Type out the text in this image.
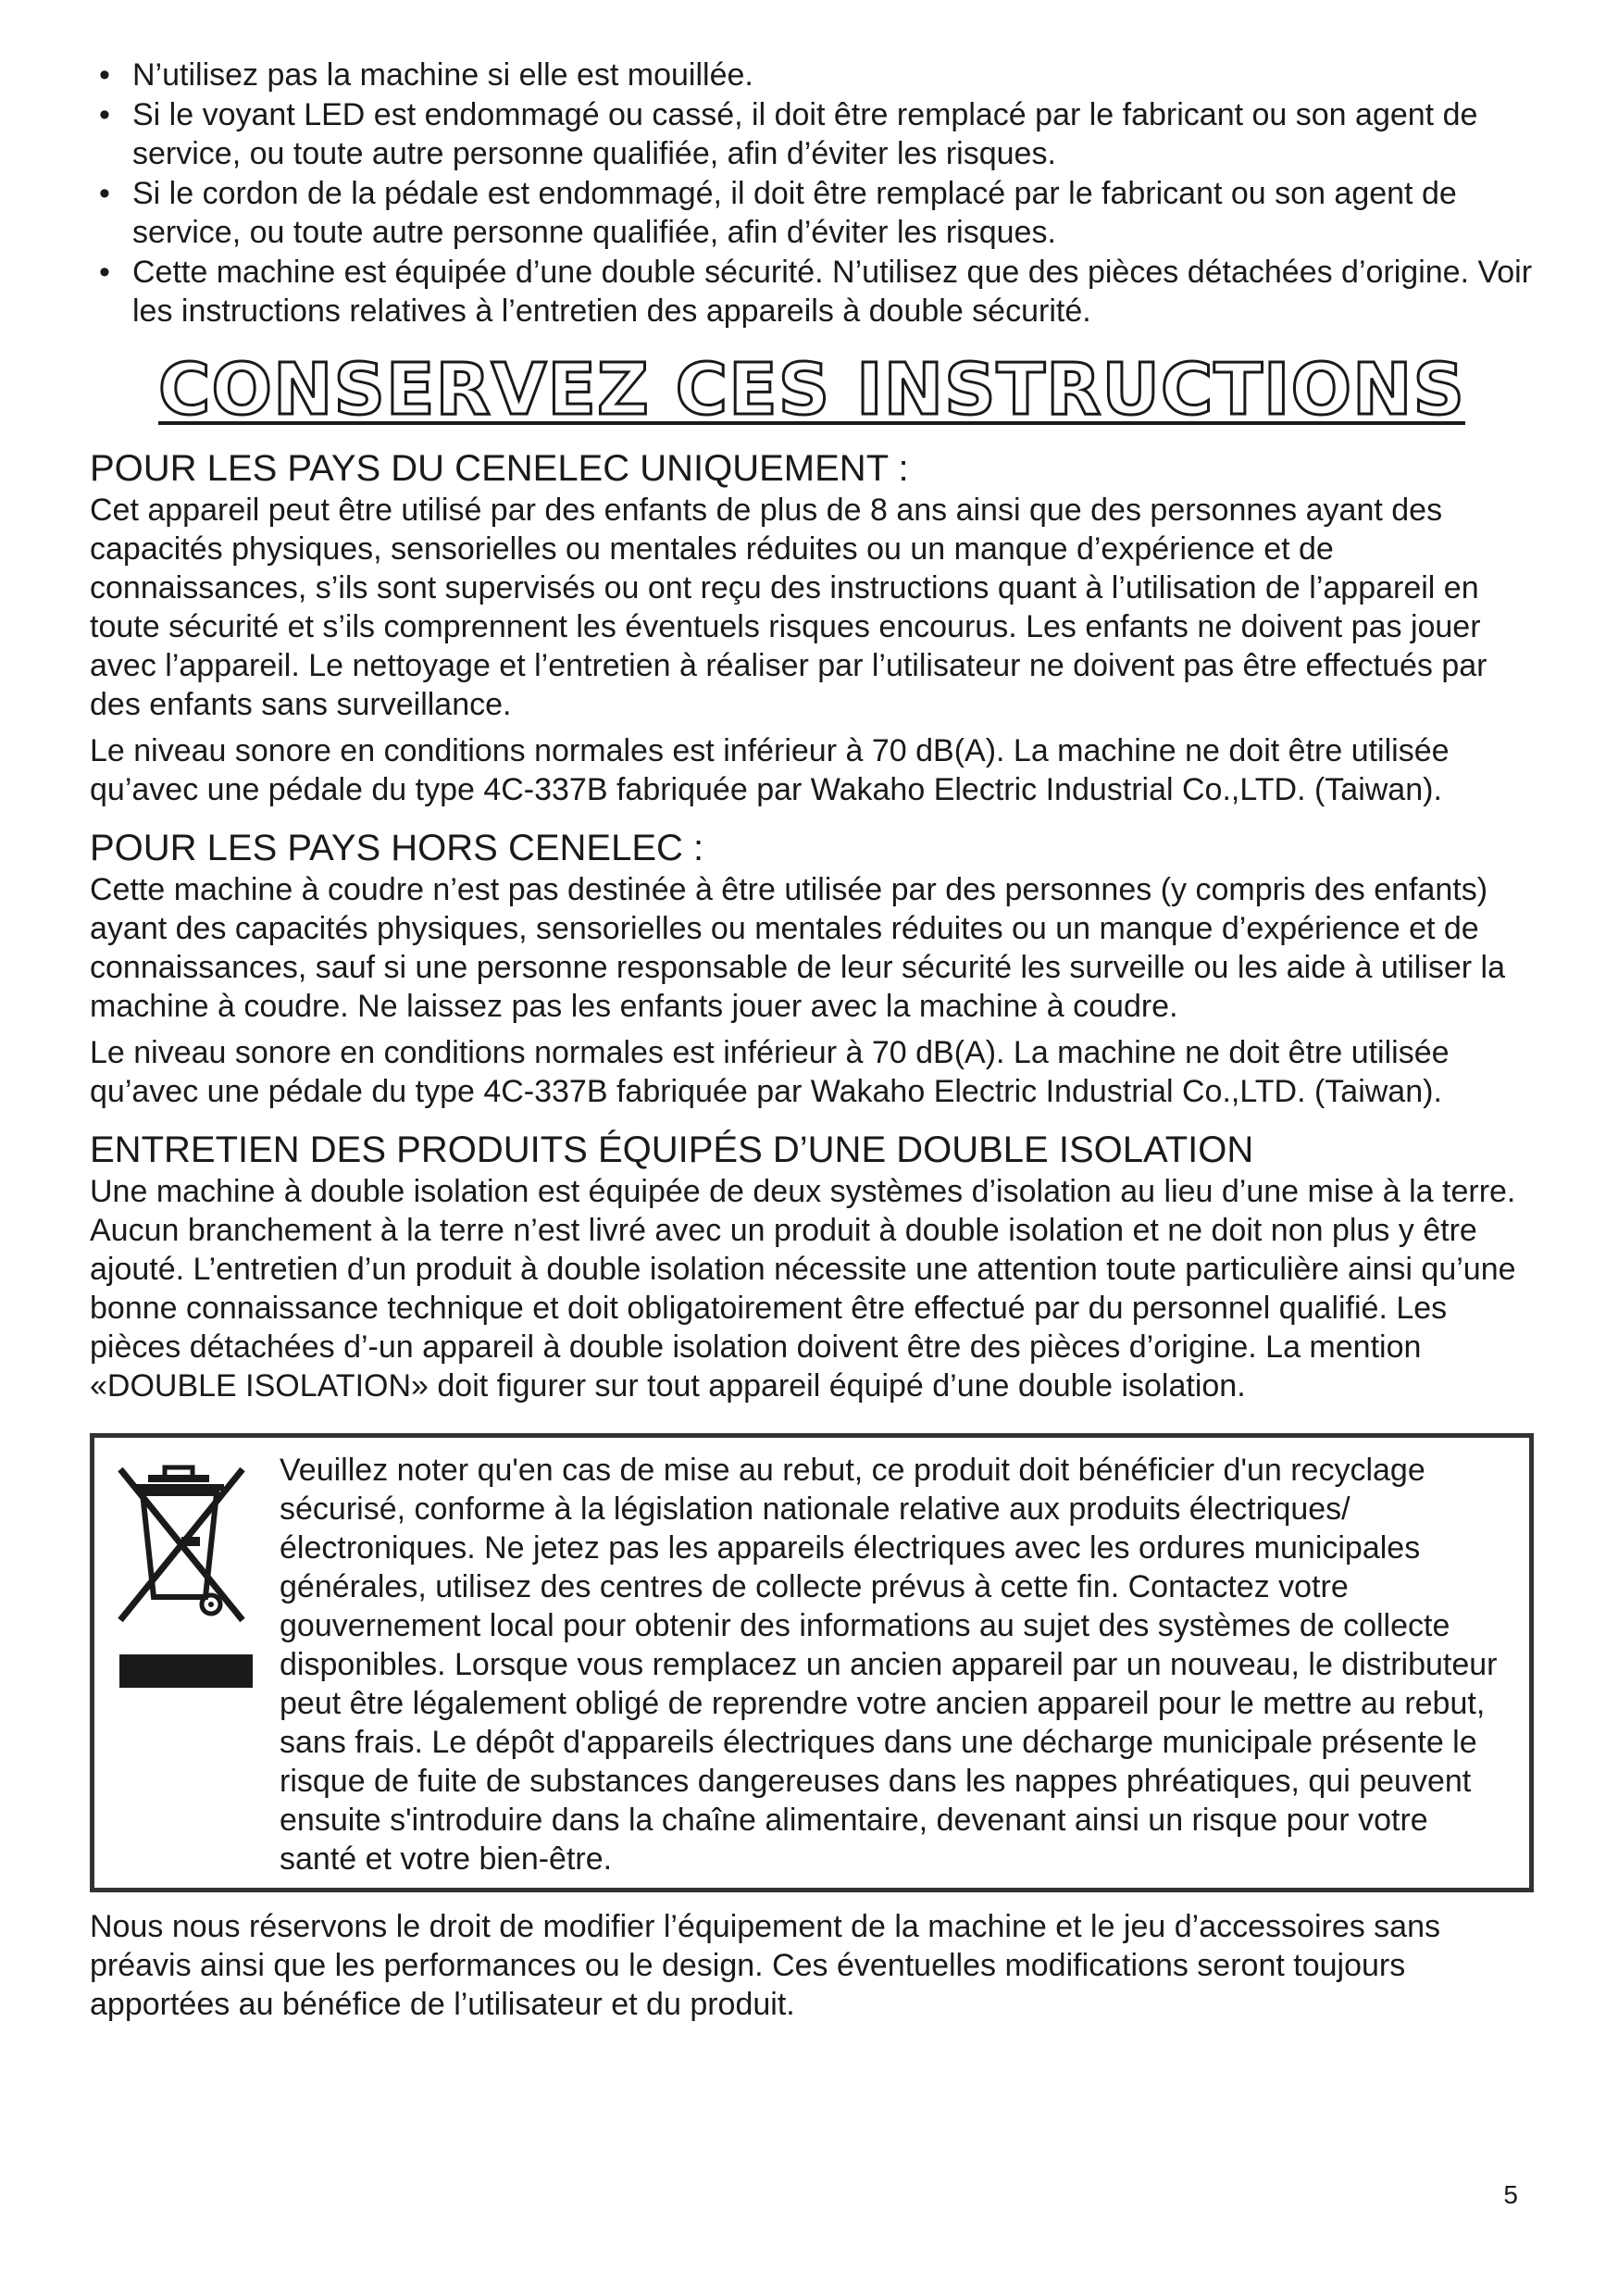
• N’utilisez pas la machine si elle est mouillée.
• Si le voyant LED est endommagé ou cassé, il doit être remplacé par le fabricant ou son agent de service, ou toute autre personne qualifiée, afin d’éviter les risques.
• Si le cordon de la pédale est endommagé, il doit être remplacé par le fabricant ou son agent de service, ou toute autre personne qualifiée, afin d’éviter les risques.
• Cette machine est équipée d’une double sécurité. N’utilisez que des pièces détachées d’origine. Voir les instructions relatives à l’entretien des appareils à double sécurité.
CONSERVEZ CES INSTRUCTIONS
POUR LES PAYS DU CENELEC UNIQUEMENT :

Cet appareil peut être utilisé par des enfants de plus de 8 ans ainsi que des personnes ayant des capacités physiques, sensorielles ou mentales réduites ou un manque d’expérience et de connaissances, s’ils sont supervisés ou ont reçu des instructions quant à l’utilisation de l’appareil en toute sécurité et s’ils comprennent les éventuels risques encourus. Les enfants ne doivent pas jouer avec l’appareil. Le nettoyage et l’entretien à réaliser par l’utilisateur ne doivent pas être effectués par des enfants sans surveillance.

Le niveau sonore en conditions normales est inférieur à 70 dB(A). La machine ne doit être utilisée qu’avec une pédale du type 4C-337B fabriquée par Wakaho Electric Industrial Co.,LTD. (Taiwan).

POUR LES PAYS HORS CENELEC :

Cette machine à coudre n’est pas destinée à être utilisée par des personnes (y compris des enfants) ayant des capacités physiques, sensorielles ou mentales réduites ou un manque d’expérience et de connaissances, sauf si une personne responsable de leur sécurité les surveille ou les aide à utiliser la machine à coudre. Ne laissez pas les enfants jouer avec la machine à coudre.

Le niveau sonore en conditions normales est inférieur à 70 dB(A). La machine ne doit être utilisée qu’avec une pédale du type 4C-337B fabriquée par Wakaho Electric Industrial Co.,LTD. (Taiwan).

ENTRETIEN DES PRODUITS ÉQUIPÉS D’UNE DOUBLE ISOLATION

Une machine à double isolation est équipée de deux systèmes d’isolation au lieu d’une mise à la terre. Aucun branchement à la terre n’est livré avec un produit à double isolation et ne doit non plus y être ajouté. L’entretien d’un produit à double isolation nécessite une attention toute particulière ainsi qu’une bonne connaissance technique et doit obligatoirement être effectué par du personnel qualifié. Les pièces détachées d’-un appareil à double isolation doivent être des pièces d’origine. La mention «DOUBLE ISOLATION» doit figurer sur tout appareil équipé d’une double isolation.

Veuillez noter qu'en cas de mise au rebut, ce produit doit bénéficier d'un recyclage sécurisé, conforme à la législation nationale relative aux produits électriques/ électroniques. Ne jetez pas les appareils électriques avec les ordures municipales générales, utilisez des centres de collecte prévus à cette fin. Contactez votre gouvernement local pour obtenir des informations au sujet des systèmes de collecte disponibles. Lorsque vous remplacez un ancien appareil par un nouveau, le distributeur peut être légalement obligé de reprendre votre ancien appareil pour le mettre au rebut, sans frais. Le dépôt d'appareils électriques dans une décharge municipale présente le risque de fuite de substances dangereuses dans les nappes phréatiques, qui peuvent ensuite s'introduire dans la chaîne alimentaire, devenant ainsi un risque pour votre santé et votre bien-être.

Nous nous réservons le droit de modifier l’équipement de la machine et le jeu d’accessoires sans préavis ainsi que les performances ou le design. Ces éventuelles modifications seront toujours apportées au bénéfice de l’utilisateur et du produit.

5
